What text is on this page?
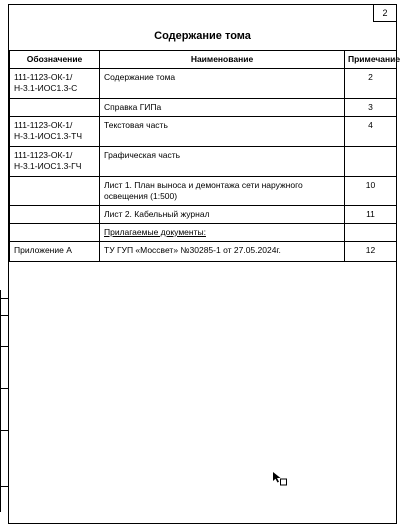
2
Содержание тома
Обозначение	Наименование	Примечание
111-1123-ОК-1/Н-3.1-ИОС1.3-С	Содержание тома	2
	Справка ГИПа	3
111-1123-ОК-1/Н-3.1-ИОС1.3-ТЧ	Текстовая часть	4
111-1123-ОК-1/Н-3.1-ИОС1.3-ГЧ	Графическая часть	
	Лист 1. План выноса и демонтажа сети наружного освещения (1:500)	10
	Лист 2. Кабельный журнал	11
	Прилагаемые документы:	
Приложение А	ТУ ГУП «Мосcвет» №30285-1 от 27.05.2024г.	12
